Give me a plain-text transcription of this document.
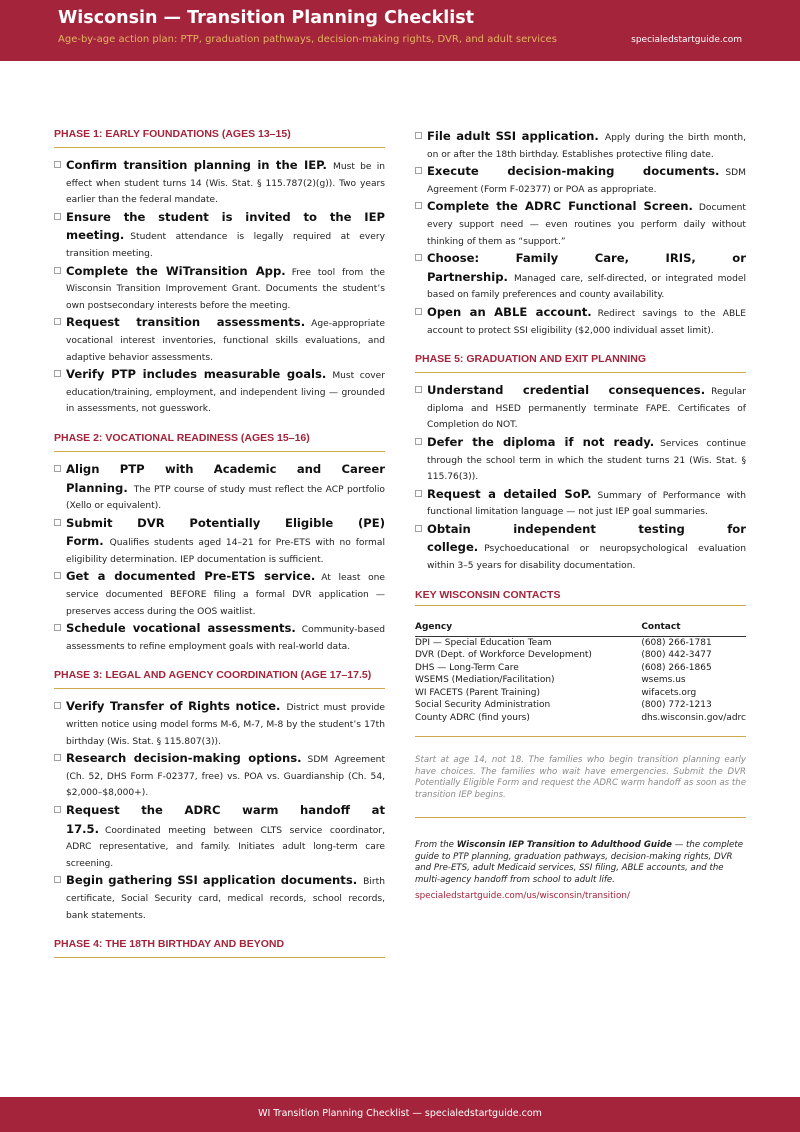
Wisconsin — Transition Planning Checklist
Age-by-age action plan: PTP, graduation pathways, decision-making rights, DVR, and adult services	specialedstartguide.com
PHASE 1: EARLY FOUNDATIONS (AGES 13–15)
Confirm transition planning in the IEP. Must be in effect when student turns 14 (Wis. Stat. § 115.787(2)(g)). Two years earlier than the federal mandate.
Ensure the student is invited to the IEP meeting. Student attendance is legally required at every transition meeting.
Complete the WiTransition App. Free tool from the Wisconsin Transition Improvement Grant. Documents the student’s own postsecondary interests before the meeting.
Request transition assessments. Age-appropriate vocational interest inventories, functional skills evaluations, and adaptive behavior assessments.
Verify PTP includes measurable goals. Must cover education/training, employment, and independent living — grounded in assessments, not guesswork.
PHASE 2: VOCATIONAL READINESS (AGES 15–16)
Align PTP with Academic and Career Planning. The PTP course of study must reflect the ACP portfolio (Xello or equivalent).
Submit DVR Potentially Eligible (PE) Form. Qualifies students aged 14–21 for Pre-ETS with no formal eligibility determination. IEP documentation is sufficient.
Get a documented Pre-ETS service. At least one service documented BEFORE filing a formal DVR application — preserves access during the OOS waitlist.
Schedule vocational assessments. Community-based assessments to refine employment goals with real-world data.
PHASE 3: LEGAL AND AGENCY COORDINATION (AGE 17–17.5)
Verify Transfer of Rights notice. District must provide written notice using model forms M-6, M-7, M-8 by the student’s 17th birthday (Wis. Stat. § 115.807(3)).
Research decision-making options. SDM Agreement (Ch. 52, DHS Form F-02377, free) vs. POA vs. Guardianship (Ch. 54, $2,000–$8,000+).
Request the ADRC warm handoff at 17.5. Coordinated meeting between CLTS service coordinator, ADRC representative, and family. Initiates adult long-term care screening.
Begin gathering SSI application documents. Birth certificate, Social Security card, medical records, school records, bank statements.
PHASE 4: THE 18TH BIRTHDAY AND BEYOND
File adult SSI application. Apply during the birth month, on or after the 18th birthday. Establishes protective filing date.
Execute decision-making documents. SDM Agreement (Form F-02377) or POA as appropriate.
Complete the ADRC Functional Screen. Document every support need — even routines you perform daily without thinking of them as “support.”
Choose: Family Care, IRIS, or Partnership. Managed care, self-directed, or integrated model based on family preferences and county availability.
Open an ABLE account. Redirect savings to the ABLE account to protect SSI eligibility ($2,000 individual asset limit).
PHASE 5: GRADUATION AND EXIT PLANNING
Understand credential consequences. Regular diploma and HSED permanently terminate FAPE. Certificates of Completion do NOT.
Defer the diploma if not ready. Services continue through the school term in which the student turns 21 (Wis. Stat. § 115.76(3)).
Request a detailed SoP. Summary of Performance with functional limitation language — not just IEP goal summaries.
Obtain independent testing for college. Psychoeducational or neuropsychological evaluation within 3–5 years for disability documentation.
KEY WISCONSIN CONTACTS
Agency	Contact
DPI — Special Education Team	(608) 266-1781
DVR (Dept. of Workforce Development)	(800) 442-3477
DHS — Long-Term Care	(608) 266-1865
WSEMS (Mediation/Facilitation)	wsems.us
WI FACETS (Parent Training)	wifacets.org
Social Security Administration	(800) 772-1213
County ADRC (find yours)	dhs.wisconsin.gov/adrc
Start at age 14, not 18. The families who begin transition planning early have choices. The families who wait have emergencies. Submit the DVR Potentially Eligible Form and request the ADRC warm handoff as soon as the transition IEP begins.
From the Wisconsin IEP Transition to Adulthood Guide — the complete guide to PTP planning, graduation pathways, decision-making rights, DVR and Pre-ETS, adult Medicaid services, SSI filing, ABLE accounts, and the multi-agency handoff from school to adult life.
specialedstartguide.com/us/wisconsin/transition/
WI Transition Planning Checklist — specialedstartguide.com
